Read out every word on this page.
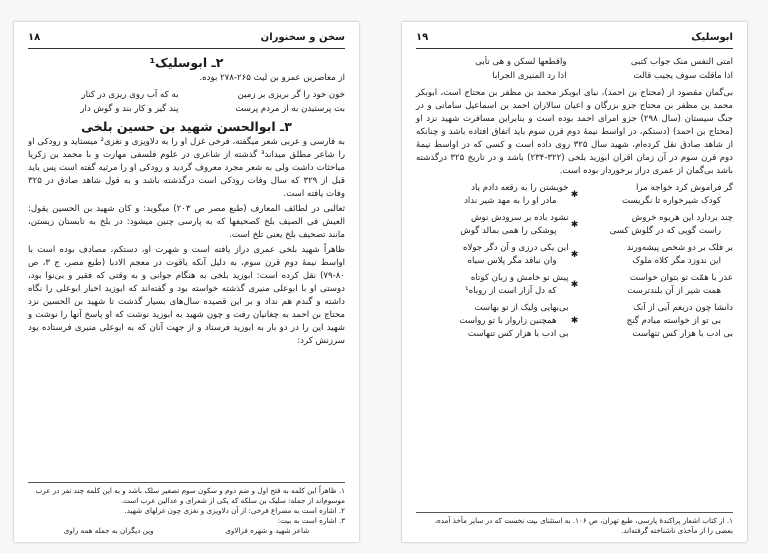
سخن و سخنوران
۱۸
۲ـ ابوسلیک¹

از معاصرین عمرو بن لیث ۲۶۵-۲۷۸ بوده.

خون خود را گر بریزی بر زمین
به که آب روی ریزی در کنار
بت پرستیدن به از مردم پرست
پند گیر و کار بند و گوش دار
۳ـ ابوالحسن شهید بن حسین بلخی

به فارسی و عربی شعر میگفته، فرخی غزل او را به دلاویزی و نغزی² میستاید و رودکی او را شاعر مطلق میداند³ گذشته از شاعری در علوم فلسفی مهارت و با محمد بن زکریا مباحثات داشت ولی به شعر مجرد معروف گردید و رودکی او را مرثیه گفته است پس باید قبل از ۳۲۹ که سال وفات رودکی است درگذشته باشد و به قول شاهد صادق در ۳۲۵ وفات یافته است.

ثعالبی در لطائف المعارف (طبع مصر ص ۲۰۳) میگوید: و کان شهید بن الحسین یقول: العیش فی الصیف بلخ کصحیفها که به پارسی چنین میشود: در بلخ به تابستان زیستن، مانند تصحیف بلخ یعنی تلخ است.

ظاهراً شهید بلخی عمری دراز یافته است و شهرت او، دستکم، مصادف بوده است با اواسط نیمهٔ دوم قرن سوم، به دلیل آنکه یاقوت در معجم الادبا (طبع مصر، ج ۳، ص ۸۰-۷۹) نقل کرده است: ابوزید بلخی به هنگام جوانی و به وقتی که فقیر و بی‌نوا بود، دوستی او با ابوعلی منیری گذشته خواسته بود و گفته‌اند که ابوزید اخبار ابوعلی را نگاه داشته و گندم هم نداد و بر این قصیده سال‌های بسیار گذشت تا شهید بن الحسین نزد محتاج بن احمد به چغانیان رفت و چون شهید به ابوزید نوشت که او پاسخ آنها را نوشت و شهید این را در دو بار به ابوزید فرستاد و از جهت آنان که به ابوعلی منیری فرستاده بود سرزنش کرد:

۱. ظاهراً این کلمه به فتح اول و ضم دوم و سکون سوم تصغیر سلک باشد و به این کلمه چند نفر در عرب موسوم‌اند از جمله: سلیک بن سلکه که یکی از شعرای و عدالین عرب است.
۲. اشاره است به مصراع فرخی: از آن دلاویزی و نغزی چون غزلهای شهید.
۳. اشاره است به بیت:
شاعر شهید و شهره فرالاوی
وین دیگران به جمله همه راوی
ابوسلیک
۱۹
امتی النفس منک جواب کتبی
واقطعها لسکن و هی تأبی
اذا ماقلت سوف یجیب قالت
اذا رد المنیری الجرابا

بی‌گمان مقصود از (محتاج بن احمد)، نیای ابوبکر محمد بن مظفر بن محتاج است، ابوبکر محمد بن مظفر بن محتاج جزو بزرگان و اعیان سالاران احمد بن اسماعیل سامانی و در جنگ سیستان (سال ۲۹۸) جزو امرای احمد بوده است و بنابراین مسافرت شهید نزد او (محتاج بن احمد) (دستکم، در اواسط نیمهٔ دوم قرن سوم باید اتفاق افتاده باشد و چنانکه از شاهد صادق نقل کرده‌ام، شهید سال ۳۲۵ روی داده است و کسی که در اواسط نیمهٔ دوم قرن سوم در آن زمان اقران ابوزید بلخی (۳۲۲-۲۳۴) باشد و در تاریخ ۳۲۵ درگذشته باشد بی‌گمان از عمری دراز برخوردار بوده است.

گر فراموش کرد خواجه مرا
کودک شیرخواره تا نگریست
✱
خویشتن را به رقعه دادم یاد
مادر او را به مهد شیر نداد
چند بردارد این هریوه خروش
راست گویی که در گلوش کسی
✱
نشود باده بر سرودش نوش
پوشکی را همی بمالد گوش
بر فلک بر دو شخص پیشه‌ورند
این ندوزد مگر کلاه ملوک
✱
این یکی درزی و آن دگر جولاه
وان نبافد مگر پلاس سیاه
عذر با همّت تو بتوان خواست
همت شیر از آن بلندترست
✱
پیش تو خامش و زبان کوتاه
که دل آزار است از روباه¹
دانشا چون دریغم آیی از آنک
بی تو از خواسته میادم گنج
بی ادب با هزار کس تنهاست
✱
بی‌بهایی ولیک از تو بهاست
همچنین زاروار با تو رواست
بی ادب با هزار کس تنهاست
۱. از کتاب اشعار پراکندهٔ پارسی، طبع تهران، ص ۱۰۶. به استثنای بیت نخست که در سایر مآخذ آمده، بعضی را از مآخذی ناشناخته گرفته‌اند.
